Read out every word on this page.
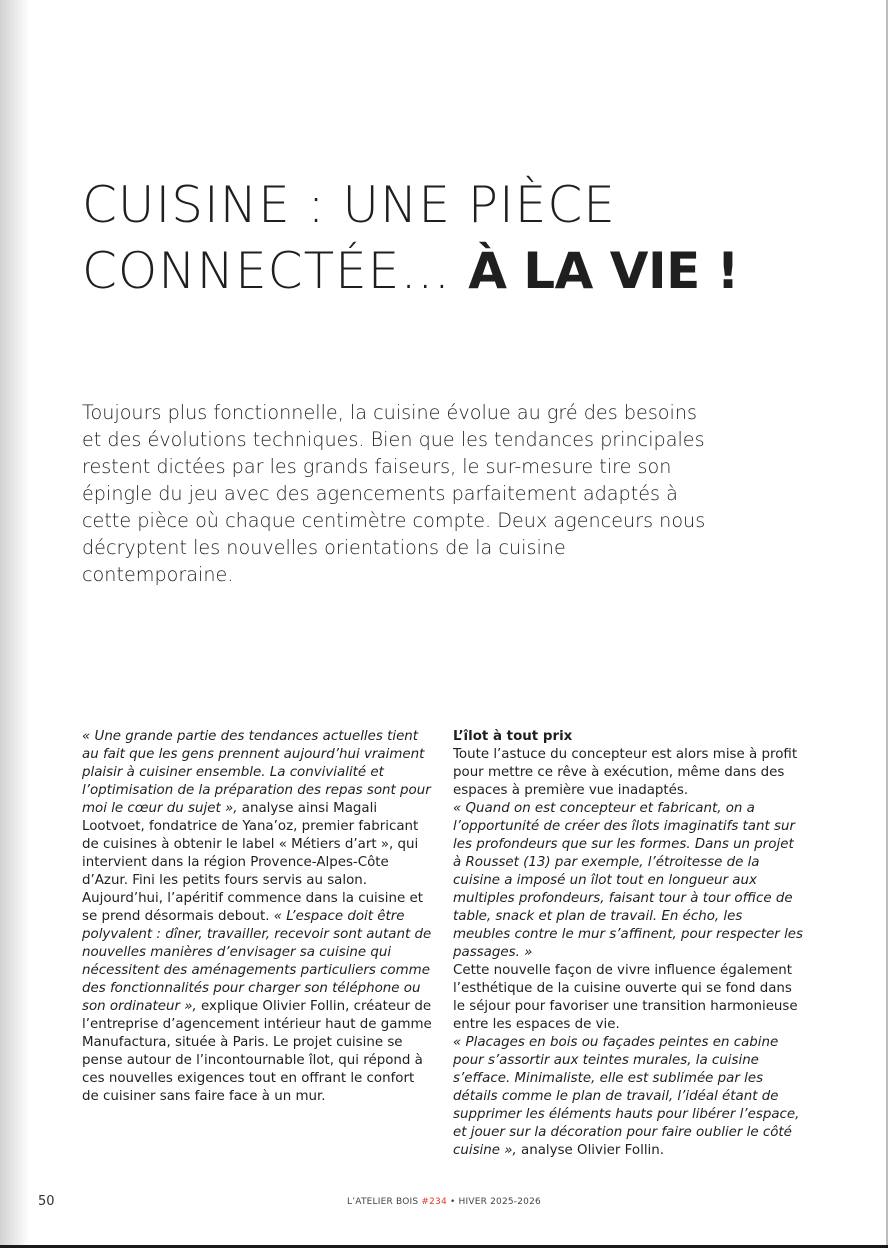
CUISINE : UNE PIÈCE
CONNECTÉE… À LA VIE !

Toujours plus fonctionnelle, la cuisine évolue au gré des besoins et des évolutions techniques. Bien que les tendances principales restent dictées par les grands faiseurs, le sur-mesure tire son épingle du jeu avec des agencements parfaitement adaptés à cette pièce où chaque centimètre compte. Deux agenceurs nous décryptent les nouvelles orientations de la cuisine contemporaine.

« Une grande partie des tendances actuelles tient au fait que les gens prennent aujourd’hui vraiment plaisir à cuisiner ensemble. La convivialité et l’optimisation de la préparation des repas sont pour moi le cœur du sujet », analyse ainsi Magali Lootvoet, fondatrice de Yana’oz, premier fabricant de cuisines à obtenir le label « Métiers d’art », qui intervient dans la région Provence-Alpes-Côte d’Azur. Fini les petits fours servis au salon. Aujourd’hui, l’apéritif commence dans la cuisine et se prend désormais debout. « L’espace doit être polyvalent : dîner, travailler, recevoir sont autant de nouvelles manières d’envisager sa cuisine qui nécessitent des aménagements particuliers comme des fonctionnalités pour charger son téléphone ou son ordinateur », explique Olivier Follin, créateur de l’entreprise d’agencement intérieur haut de gamme Manufactura, située à Paris. Le projet cuisine se pense autour de l’incontournable îlot, qui répond à ces nouvelles exigences tout en offrant le confort de cuisiner sans faire face à un mur.

L’îlot à tout prix

Toute l’astuce du concepteur est alors mise à profit pour mettre ce rêve à exécution, même dans des espaces à première vue inadaptés.

« Quand on est concepteur et fabricant, on a l’opportunité de créer des îlots imaginatifs tant sur les profondeurs que sur les formes. Dans un projet à Rousset (13) par exemple, l’étroitesse de la cuisine a imposé un îlot tout en longueur aux multiples profondeurs, faisant tour à tour office de table, snack et plan de travail. En écho, les meubles contre le mur s’affinent, pour respecter les passages. »

Cette nouvelle façon de vivre influence également l’esthétique de la cuisine ouverte qui se fond dans le séjour pour favoriser une transition harmonieuse entre les espaces de vie.

« Placages en bois ou façades peintes en cabine pour s’assortir aux teintes murales, la cuisine s’efface. Minimaliste, elle est sublimée par les détails comme le plan de travail, l’idéal étant de supprimer les éléments hauts pour libérer l’espace, et jouer sur la décoration pour faire oublier le côté cuisine », analyse Olivier Follin.

50	L’ATELIER BOIS #234 • HIVER 2025-2026
